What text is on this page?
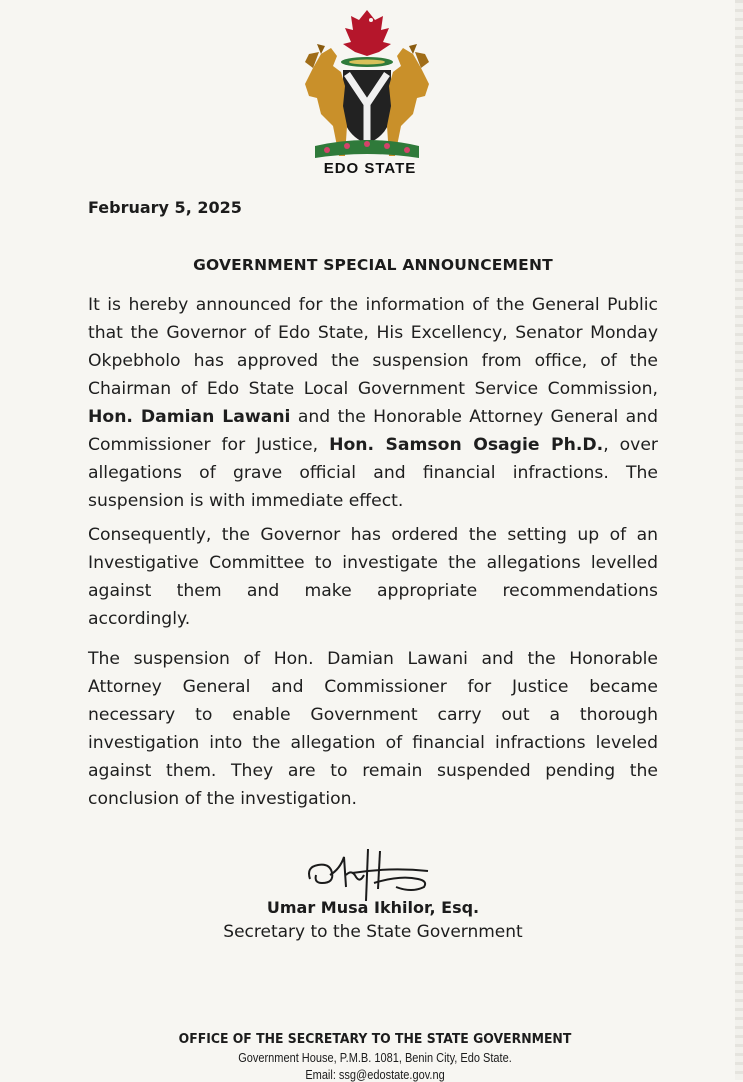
EDO STATE
February 5, 2025
GOVERNMENT SPECIAL ANNOUNCEMENT
It is hereby announced for the information of the General Public that the Governor of Edo State, His Excellency, Senator Monday Okpebholo has approved the suspension from office, of the Chairman of Edo State Local Government Service Commission, Hon. Damian Lawani and the Honorable Attorney General and Commissioner for Justice, Hon. Samson Osagie Ph.D., over allegations of grave official and financial infractions. The suspension is with immediate effect.
Consequently, the Governor has ordered the setting up of an Investigative Committee to investigate the allegations levelled against them and make appropriate recommendations accordingly.
The suspension of Hon. Damian Lawani and the Honorable Attorney General and Commissioner for Justice became necessary to enable Government carry out a thorough investigation into the allegation of financial infractions leveled against them. They are to remain suspended pending the conclusion of the investigation.
Umar Musa Ikhilor, Esq.
Secretary to the State Government
OFFICE OF THE SECRETARY TO THE STATE GOVERNMENT
Government House, P.M.B. 1081, Benin City, Edo State.
Email: ssg@edostate.gov.ng
